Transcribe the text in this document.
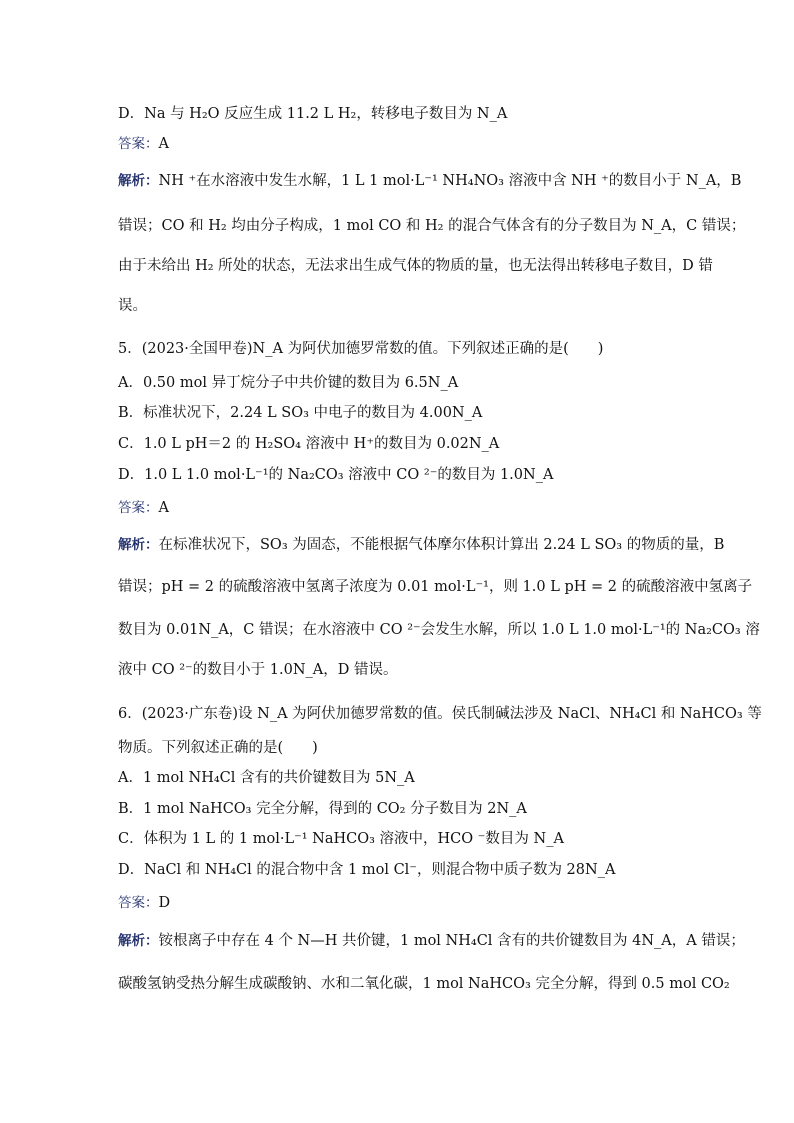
D．Na 与 H₂O 反应生成 11.2 L H₂，转移电子数目为 N_A
答案：A
解析：NH ⁺在水溶液中发生水解，1 L 1 mol·L⁻¹ NH₄NO₃ 溶液中含 NH ⁺的数目小于 N_A，B
错误；CO 和 H₂ 均由分子构成，1 mol CO 和 H₂ 的混合气体含有的分子数目为 N_A，C 错误；
由于未给出 H₂ 所处的状态，无法求出生成气体的物质的量，也无法得出转移电子数目，D 错
误。
5．(2023·全国甲卷)N_A 为阿伏加德罗常数的值。下列叙述正确的是(　　)
A．0.50 mol 异丁烷分子中共价键的数目为 6.5N_A
B．标准状况下，2.24 L SO₃ 中电子的数目为 4.00N_A
C．1.0 L pH＝2 的 H₂SO₄ 溶液中 H⁺的数目为 0.02N_A
D．1.0 L 1.0 mol·L⁻¹的 Na₂CO₃ 溶液中 CO ²⁻的数目为 1.0N_A
答案：A
解析：在标准状况下，SO₃ 为固态，不能根据气体摩尔体积计算出 2.24 L SO₃ 的物质的量，B
错误；pH = 2 的硫酸溶液中氢离子浓度为 0.01 mol·L⁻¹，则 1.0 L pH = 2 的硫酸溶液中氢离子
数目为 0.01N_A，C 错误；在水溶液中 CO ²⁻会发生水解，所以 1.0 L 1.0 mol·L⁻¹的 Na₂CO₃ 溶
液中 CO ²⁻的数目小于 1.0N_A，D 错误。
6．(2023·广东卷)设 N_A 为阿伏加德罗常数的值。侯氏制碱法涉及 NaCl、NH₄Cl 和 NaHCO₃ 等
物质。下列叙述正确的是(　　)
A．1 mol NH₄Cl 含有的共价键数目为 5N_A
B．1 mol NaHCO₃ 完全分解，得到的 CO₂ 分子数目为 2N_A
C．体积为 1 L 的 1 mol·L⁻¹ NaHCO₃ 溶液中，HCO ⁻数目为 N_A
D．NaCl 和 NH₄Cl 的混合物中含 1 mol Cl⁻，则混合物中质子数为 28N_A
答案：D
解析：铵根离子中存在 4 个 N—H 共价键，1 mol NH₄Cl 含有的共价键数目为 4N_A，A 错误；
碳酸氢钠受热分解生成碳酸钠、水和二氧化碳，1 mol NaHCO₃ 完全分解，得到 0.5 mol CO₂
